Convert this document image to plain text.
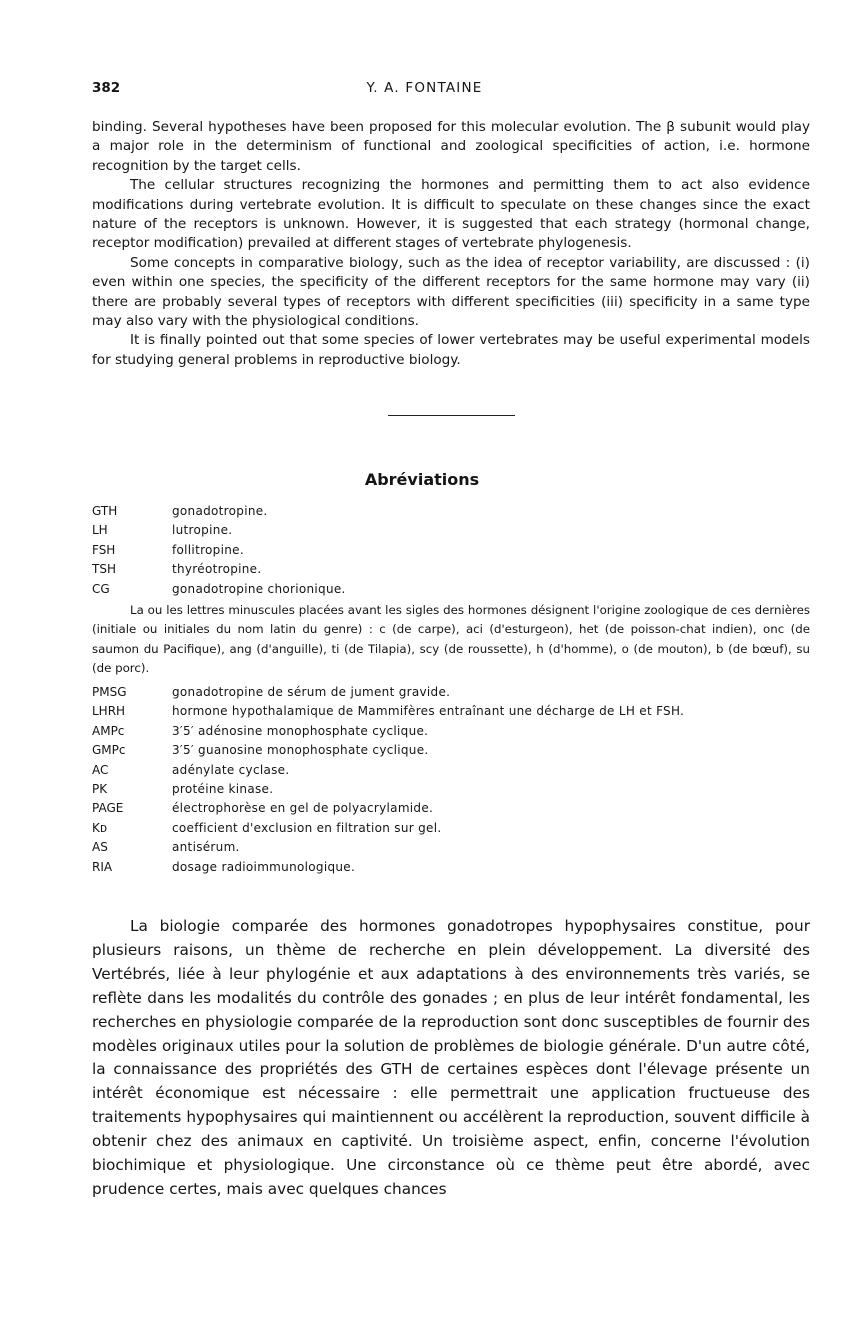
382	Y. A. FONTAINE

binding. Several hypotheses have been proposed for this molecular evolution. The β subunit would play a major role in the determinism of functional and zoological specificities of action, i.e. hormone recognition by the target cells.

The cellular structures recognizing the hormones and permitting them to act also evidence modifications during vertebrate evolution. It is difficult to speculate on these changes since the exact nature of the receptors is unknown. However, it is suggested that each strategy (hormonal change, receptor modification) prevailed at different stages of vertebrate phylogenesis.

Some concepts in comparative biology, such as the idea of receptor variability, are discussed : (i) even within one species, the specificity of the different receptors for the same hormone may vary (ii) there are probably several types of receptors with different specificities (iii) specificity in a same type may also vary with the physiological conditions.

It is finally pointed out that some species of lower vertebrates may be useful experimental models for studying general problems in reproductive biology.

Abréviations
GTH	gonadotropine.
LH	lutropine.
FSH	follitropine.
TSH	thyréotropine.
CG	gonadotropine chorionique.

La ou les lettres minuscules placées avant les sigles des hormones désignent l'origine zoologique de ces dernières (initiale ou initiales du nom latin du genre) : c (de carpe), aci (d'esturgeon), het (de poisson-chat indien), onc (de saumon du Pacifique), ang (d'anguille), ti (de Tilapia), scy (de roussette), h (d'homme), o (de mouton), b (de bœuf), su (de porc).

PMSG	gonadotropine de sérum de jument gravide.
LHRH	hormone hypothalamique de Mammifères entraînant une décharge de LH et FSH.
AMPc	3′5′ adénosine monophosphate cyclique.
GMPc	3′5′ guanosine monophosphate cyclique.
AC	adénylate cyclase.
PK	protéine kinase.
PAGE	électrophorèse en gel de polyacrylamide.
Kᴅ	coefficient d'exclusion en filtration sur gel.
AS	antisérum.
RIA	dosage radioimmunologique.

La biologie comparée des hormones gonadotropes hypophysaires constitue, pour plusieurs raisons, un thème de recherche en plein développement. La diversité des Vertébrés, liée à leur phylogénie et aux adaptations à des environnements très variés, se reflète dans les modalités du contrôle des gonades ; en plus de leur intérêt fondamental, les recherches en physiologie comparée de la reproduction sont donc susceptibles de fournir des modèles originaux utiles pour la solution de problèmes de biologie générale. D'un autre côté, la connaissance des propriétés des GTH de certaines espèces dont l'élevage présente un intérêt économique est nécessaire : elle permettrait une application fructueuse des traitements hypophysaires qui maintiennent ou accélèrent la reproduction, souvent difficile à obtenir chez des animaux en captivité. Un troisième aspect, enfin, concerne l'évolution biochimique et physiologique. Une circonstance où ce thème peut être abordé, avec prudence certes, mais avec quelques chances
